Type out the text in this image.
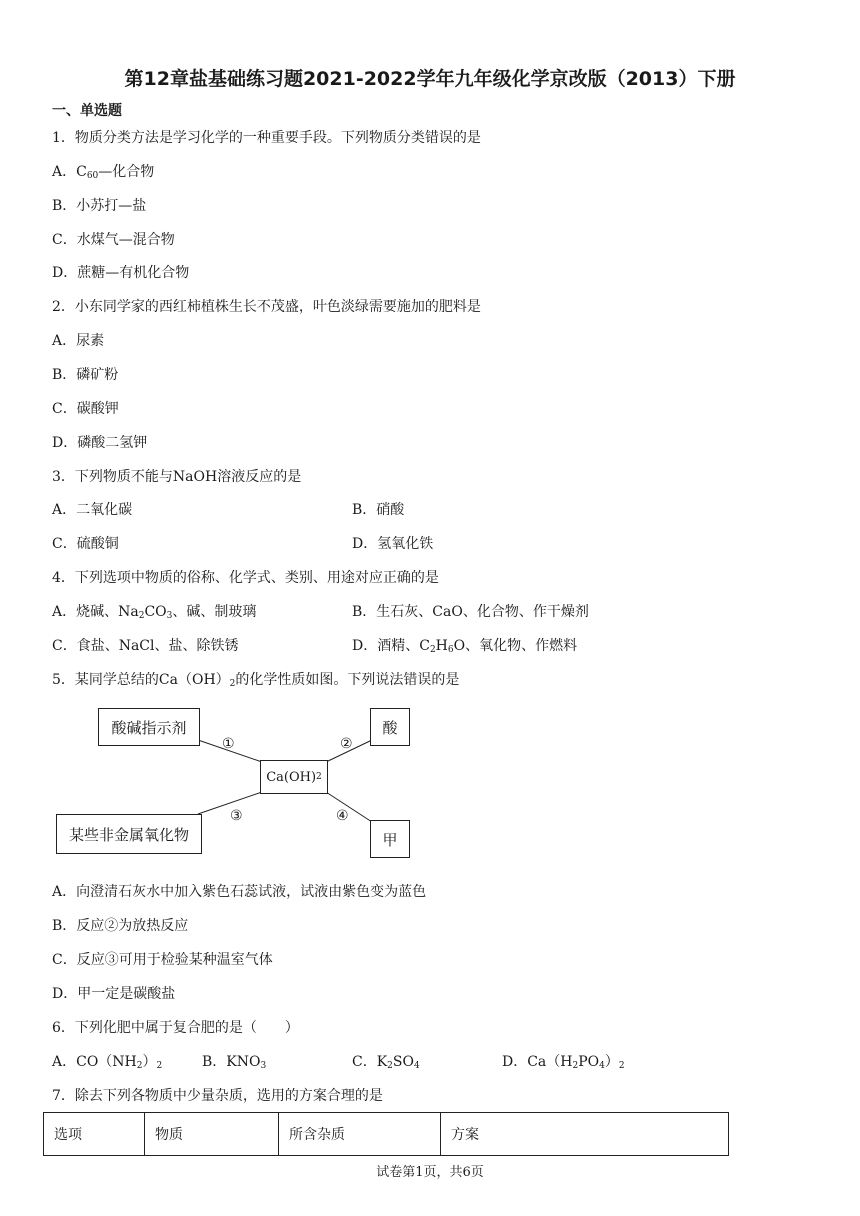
第12章盐基础练习题2021-2022学年九年级化学京改版（2013）下册
一、单选题
1．物质分类方法是学习化学的一种重要手段。下列物质分类错误的是
A．$C_{60}—$化合物
B．小苏打—盐
C．水煤气—混合物
D．蔗糖—有机化合物
2．小东同学家的西红柿植株生长不茂盛，叶色淡绿需要施加的肥料是
A．尿素
B．磷矿粉
C．碳酸钾
D．磷酸二氢钾
3．下列物质不能与NaOH溶液反应的是
A．二氧化碳	B．硝酸
C．硫酸铜	D．氢氧化铁
4．下列选项中物质的俗称、化学式、类别、用途对应正确的是
A．烧碱、$Na_2CO_3$、碱、制玻璃	B．生石灰、CaO、化合物、作干燥剂
C．食盐、NaCl、盐、除铁锈	D．酒精、$C_2H_6O$、氧化物、作燃料
5．某同学总结的$Ca(OH)_2$的化学性质如图。下列说法错误的是
酸碱指示剂	酸
Ca(OH) 2
某些非金属氧化物	甲
①	②
③	④
A．向澄清石灰水中加入紫色石蕊试液，试液由紫色变为蓝色
B．反应②为放热反应
C．反应③可用于检验某种温室气体
D．甲一定是碳酸盐
6．下列化肥中属于复合肥的是（　　）
A．$CO(NH_2)_2$	B．$KNO_3$	C．$K_2SO_4$	D．$Ca(H_2PO_4)_2$
7．除去下列各物质中少量杂质，选用的方案合理的是
选项	物质	所含杂质	方案
试卷第1页，共6页
